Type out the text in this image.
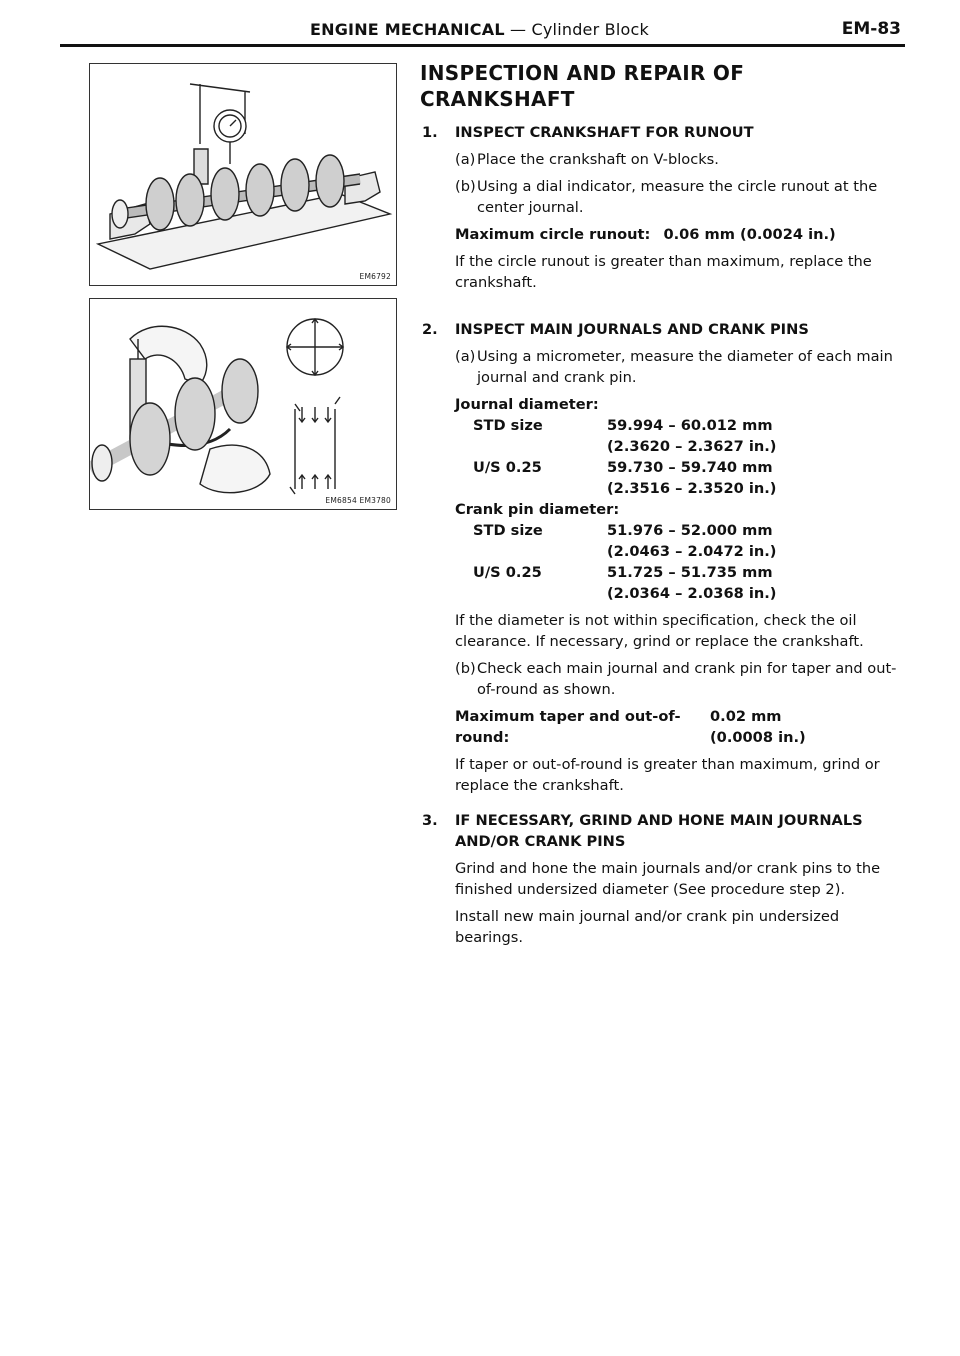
ENGINE MECHANICAL — Cylinder Block	EM-83
EM6792
EM6854 EM3780
INSPECTION AND REPAIR OF CRANKSHAFT
1. INSPECT CRANKSHAFT FOR RUNOUT
(a) Place the crankshaft on V-blocks.
(b) Using a dial indicator, measure the circle runout at the center journal.
Maximum circle runout: 0.06 mm (0.0024 in.)
If the circle runout is greater than maximum, replace the crankshaft.
2. INSPECT MAIN JOURNALS AND CRANK PINS
(a) Using a micrometer, measure the diameter of each main journal and crank pin.
Journal diameter:
STD size	59.994 – 60.012 mm
(2.3620 – 2.3627 in.)
U/S 0.25	59.730 – 59.740 mm
(2.3516 – 2.3520 in.)
Crank pin diameter:
STD size	51.976 – 52.000 mm
(2.0463 – 2.0472 in.)
U/S 0.25	51.725 – 51.735 mm
(2.0364 – 2.0368 in.)
If the diameter is not within specification, check the oil clearance. If necessary, grind or replace the crankshaft.
(b) Check each main journal and crank pin for taper and out-of-round as shown.
Maximum taper and out-of-round:
0.02 mm
(0.0008 in.)
If taper or out-of-round is greater than maximum, grind or replace the crankshaft.
3. IF NECESSARY, GRIND AND HONE MAIN JOURNALS AND/OR CRANK PINS
Grind and hone the main journals and/or crank pins to the finished undersized diameter (See procedure step 2).
Install new main journal and/or crank pin undersized bearings.
